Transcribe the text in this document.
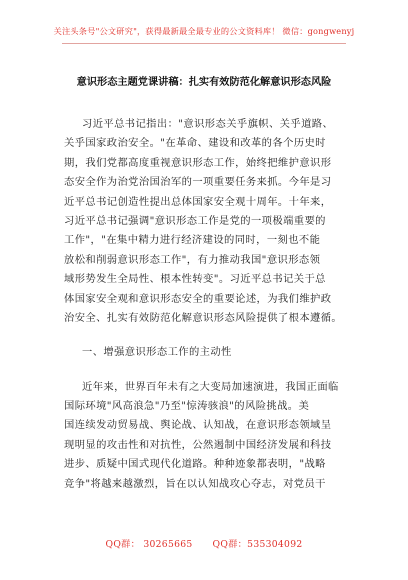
关注头条号"公文研究"，获得最新最全最专业的公文资料库！ 微信：gongwenyj
意识形态主题党课讲稿：扎实有效防范化解意识形态风险
习近平总书记指出："意识形态关乎旗帜、关乎道路、
关乎国家政治安全。"在革命、建设和改革的各个历史时
期，我们党都高度重视意识形态工作，始终把维护意识形
态安全作为治党治国治军的一项重要任务来抓。今年是习
近平总书记创造性提出总体国家安全观十周年。十年来，
习近平总书记强调"意识形态工作是党的一项极端重要的
工作"，"在集中精力进行经济建设的同时，一刻也不能
放松和削弱意识形态工作"，有力推动我国"意识形态领
域形势发生全局性、根本性转变"。习近平总书记关于总
体国家安全观和意识形态安全的重要论述，为我们维护政
治安全、扎实有效防范化解意识形态风险提供了根本遵循。
一、增强意识形态工作的主动性
近年来，世界百年未有之大变局加速演进，我国正面临
国际环境"风高浪急"乃至"惊涛骇浪"的风险挑战。美
国连续发动贸易战、舆论战、认知战，在意识形态领域呈
现明显的攻击性和对抗性，公然遏制中国经济发展和科技
进步、质疑中国式现代化道路。种种迹象都表明，"战略
竞争"将越来越激烈，旨在以认知战攻心夺志，对党员干
QQ群： 30265665 QQ群：535304092
